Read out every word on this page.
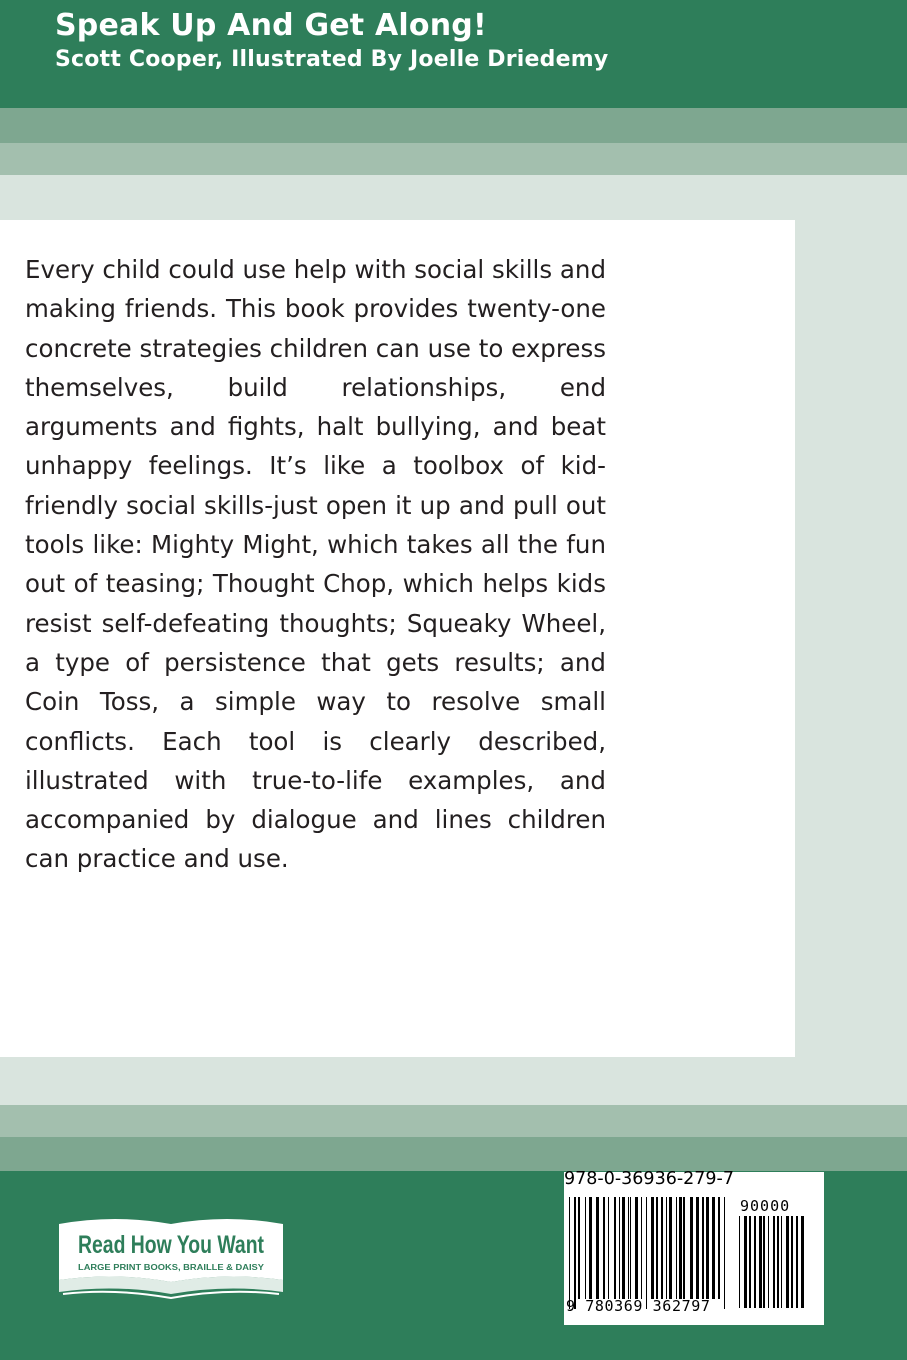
Speak Up And Get Along!
Scott Cooper, Illustrated By Joelle Driedemy

Every child could use help with social skills and making friends. This book provides twenty-one concrete strategies children can use to express themselves, build relationships, end arguments and fights, halt bullying, and beat unhappy feelings. It’s like a toolbox of kid-friendly social skills-just open it up and pull out tools like: Mighty Might, which takes all the fun out of teasing; Thought Chop, which helps kids resist self-defeating thoughts; Squeaky Wheel, a type of persistence that gets results; and Coin Toss, a simple way to resolve small conflicts. Each tool is clearly described, illustrated with true-to-life examples, and accompanied by dialogue and lines children can practice and use.

Read How You Want
LARGE PRINT BOOKS, BRAILLE & DAISY
978-0-36936-279-7
90000
9 780369 362797
